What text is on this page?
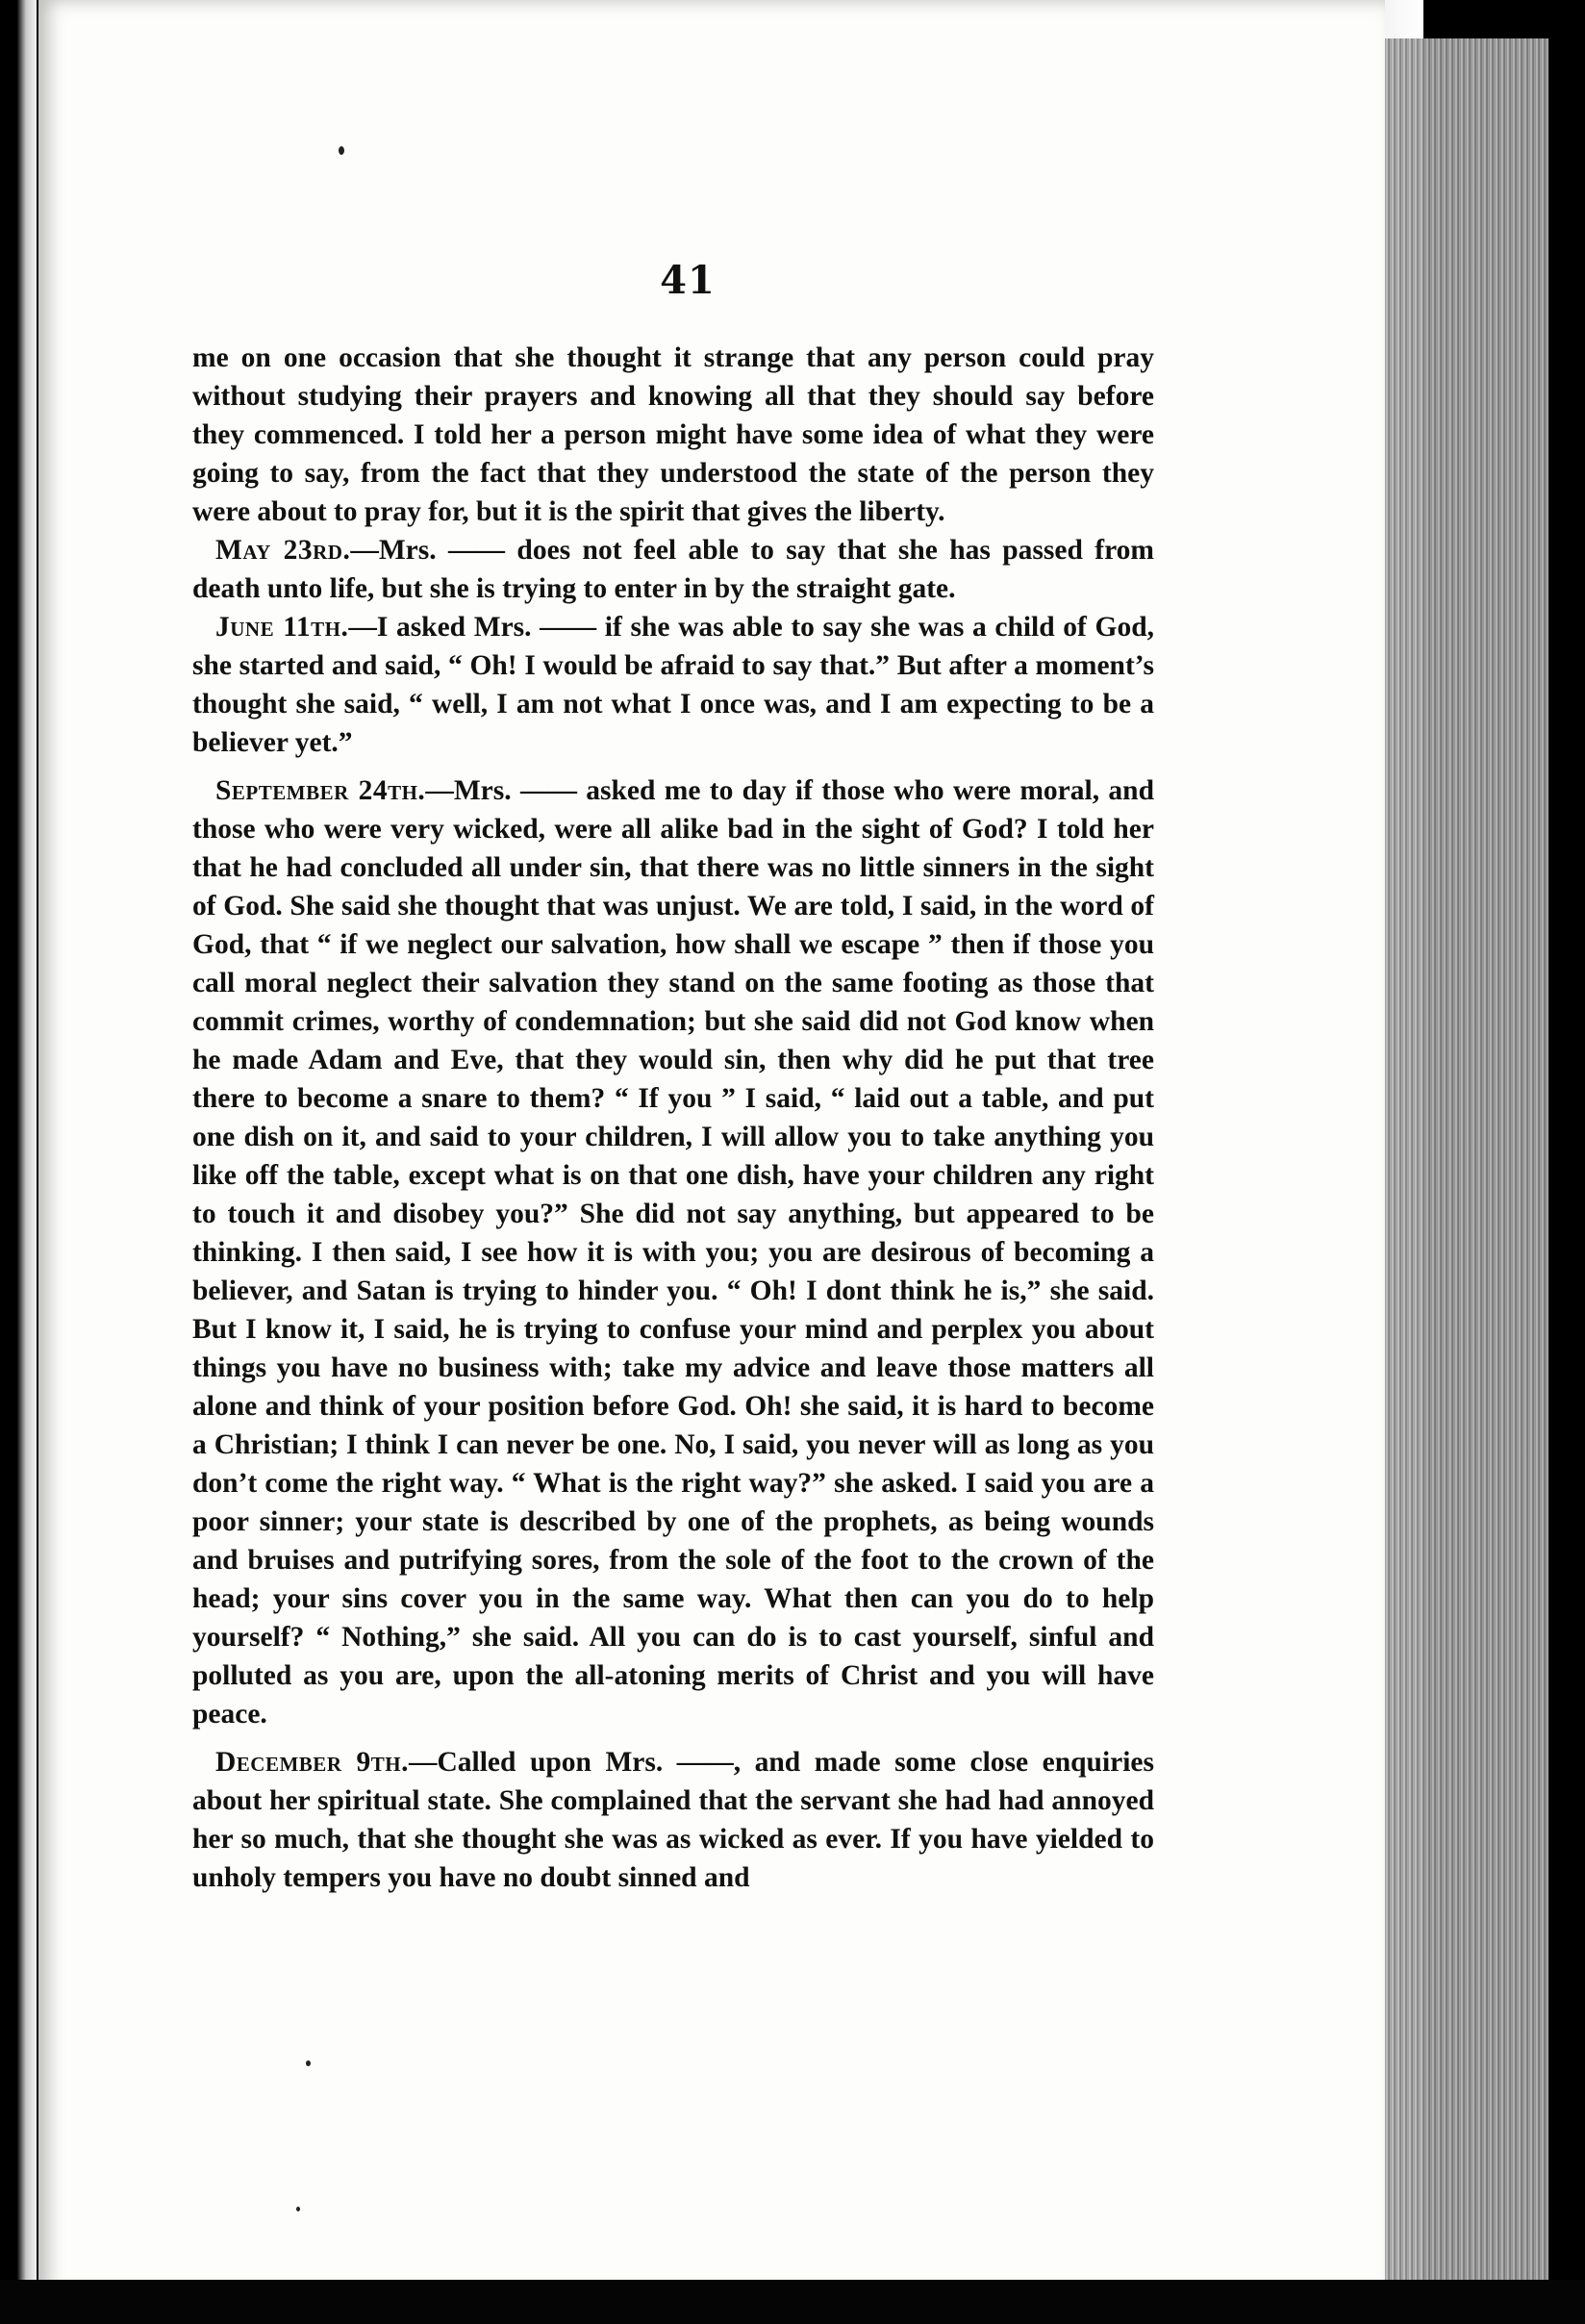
41

me on one occasion that she thought it strange that any person could pray without studying their prayers and knowing all that they should say before they commenced. I told her a person might have some idea of what they were going to say, from the fact that they understood the state of the person they were about to pray for, but it is the spirit that gives the liberty.

May 23rd.—Mrs. —— does not feel able to say that she has passed from death unto life, but she is trying to enter in by the straight gate.

June 11th.—I asked Mrs. —— if she was able to say she was a child of God, she started and said, “ Oh! I would be afraid to say that.” But after a moment’s thought she said, “ well, I am not what I once was, and I am expecting to be a believer yet.”

September 24th.—Mrs. —— asked me to day if those who were moral, and those who were very wicked, were all alike bad in the sight of God? I told her that he had concluded all under sin, that there was no little sinners in the sight of God. She said she thought that was unjust. We are told, I said, in the word of God, that “ if we neglect our salvation, how shall we escape ” then if those you call moral neglect their salvation they stand on the same footing as those that commit crimes, worthy of condemnation; but she said did not God know when he made Adam and Eve, that they would sin, then why did he put that tree there to become a snare to them? “ If you ” I said, “ laid out a table, and put one dish on it, and said to your children, I will allow you to take anything you like off the table, except what is on that one dish, have your children any right to touch it and disobey you?” She did not say anything, but appeared to be thinking. I then said, I see how it is with you; you are desirous of becoming a believer, and Satan is trying to hinder you. “ Oh! I dont think he is,” she said. But I know it, I said, he is trying to confuse your mind and perplex you about things you have no business with; take my advice and leave those matters all alone and think of your position before God. Oh! she said, it is hard to become a Christian; I think I can never be one. No, I said, you never will as long as you don’t come the right way. “ What is the right way?” she asked. I said you are a poor sinner; your state is described by one of the prophets, as being wounds and bruises and putrifying sores, from the sole of the foot to the crown of the head; your sins cover you in the same way. What then can you do to help yourself? “ Nothing,” she said. All you can do is to cast yourself, sinful and polluted as you are, upon the all-atoning merits of Christ and you will have peace.

December 9th.—Called upon Mrs. ——, and made some close enquiries about her spiritual state. She complained that the servant she had had annoyed her so much, that she thought she was as wicked as ever. If you have yielded to unholy tempers you have no doubt sinned and
